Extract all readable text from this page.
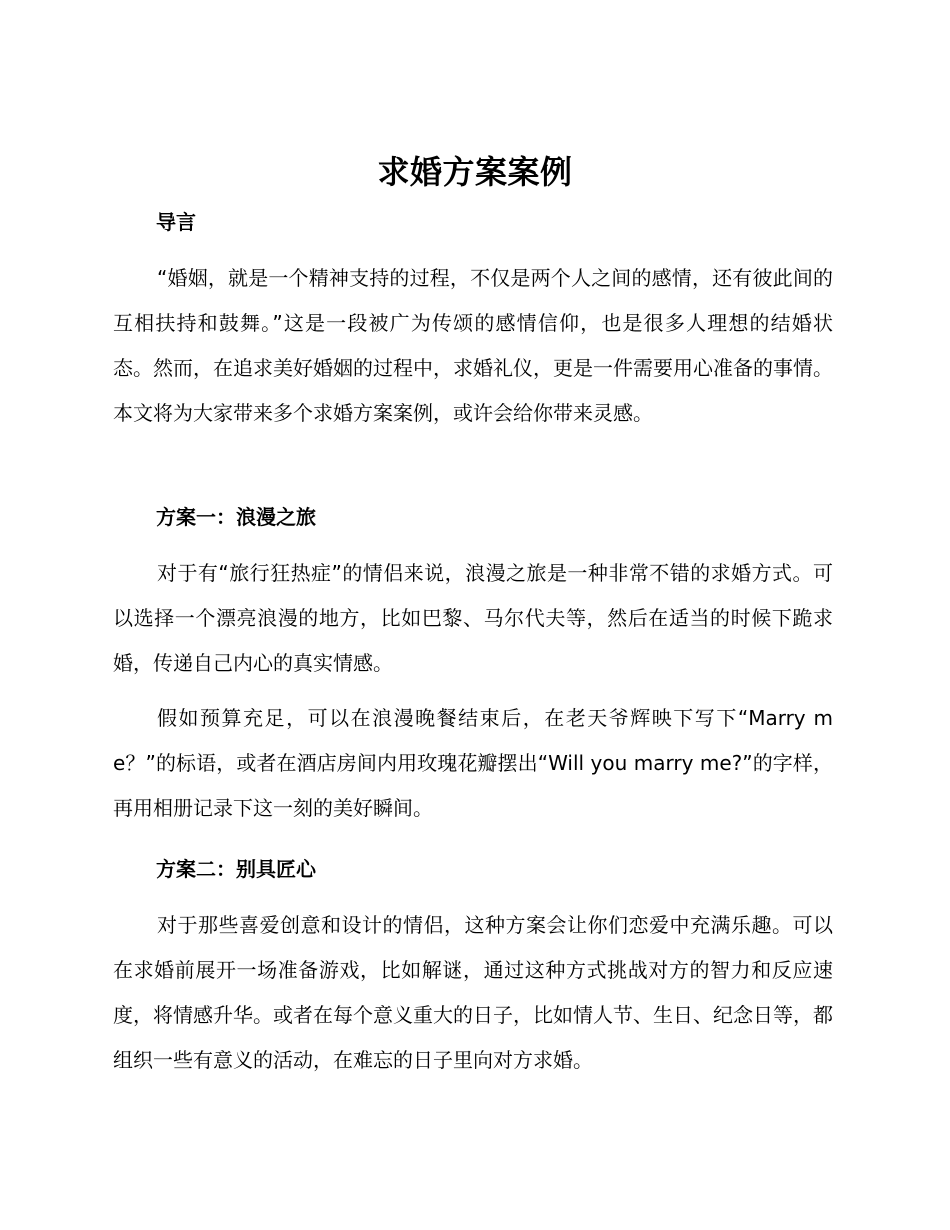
求婚方案案例
导言

“婚姻，就是一个精神支持的过程，不仅是两个人之间的感情，还有彼此间的互相扶持和鼓舞。”这是一段被广为传颂的感情信仰，也是很多人理想的结婚状态。然而，在追求美好婚姻的过程中，求婚礼仪，更是一件需要用心准备的事情。本文将为大家带来多个求婚方案案例，或许会给你带来灵感。

方案一：浪漫之旅

对于有“旅行狂热症”的情侣来说，浪漫之旅是一种非常不错的求婚方式。可以选择一个漂亮浪漫的地方，比如巴黎、马尔代夫等，然后在适当的时候下跪求婚，传递自己内心的真实情感。

假如预算充足，可以在浪漫晚餐结束后，在老天爷辉映下写下“Marry me？”的标语，或者在酒店房间内用玫瑰花瓣摆出“Will you marry me?”的字样，再用相册记录下这一刻的美好瞬间。

方案二：别具匠心

对于那些喜爱创意和设计的情侣，这种方案会让你们恋爱中充满乐趣。可以在求婚前展开一场准备游戏，比如解谜，通过这种方式挑战对方的智力和反应速度，将情感升华。或者在每个意义重大的日子，比如情人节、生日、纪念日等，都组织一些有意义的活动，在难忘的日子里向对方求婚。
